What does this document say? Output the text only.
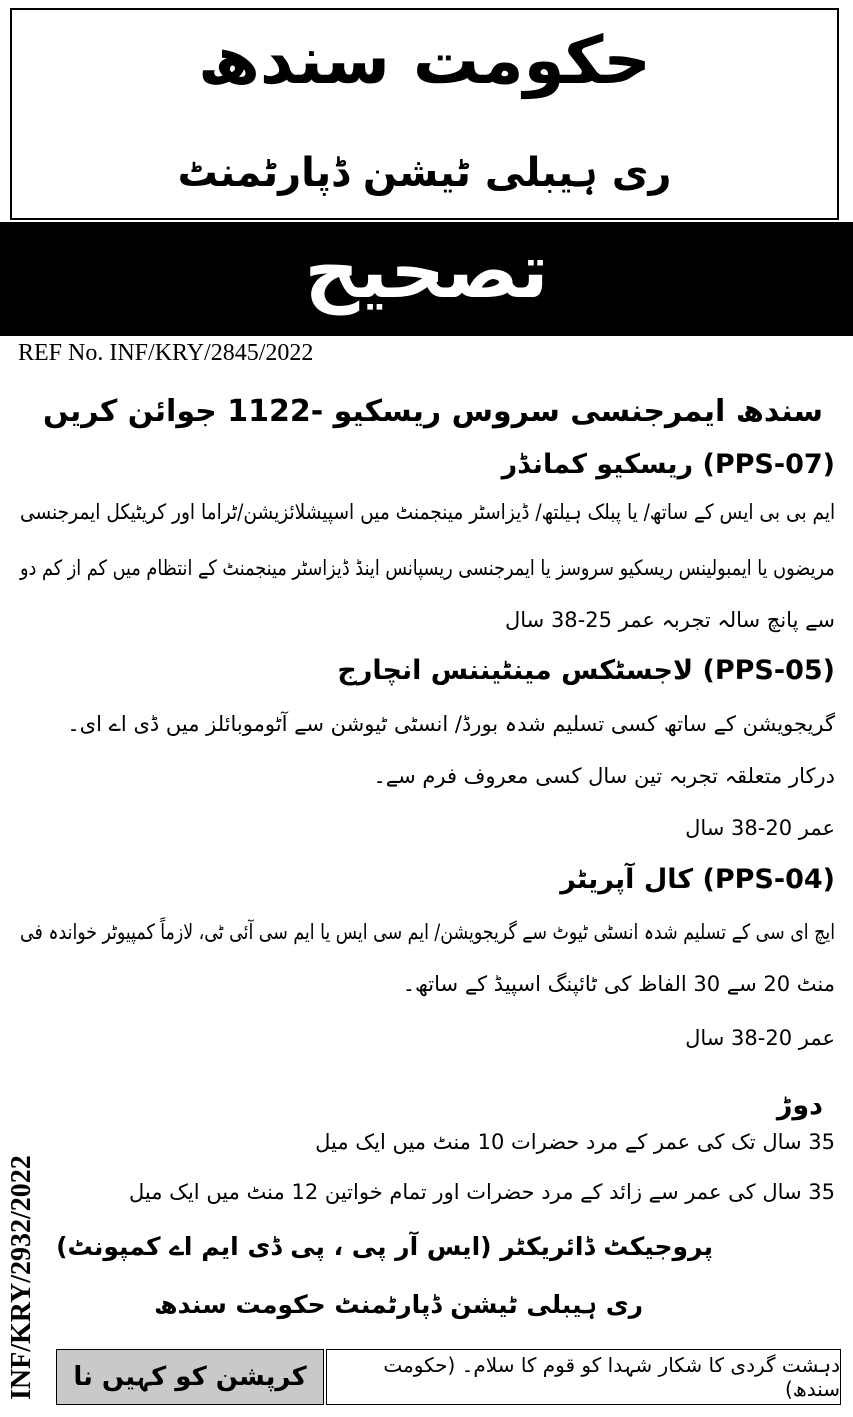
حکومت سندھ
ری ہیبلی ٹیشن ڈپارٹمنٹ
تصحیح
REF No. INF/KRY/2845/2022
سندھ ایمرجنسی سروس ریسکیو -1122 جوائن کریں
(PPS-07) ریسکیو کمانڈر
ایم بی بی ایس کے ساتھ/ یا پبلک ہیلتھ/ ڈیزاسٹر مینجمنٹ میں اسپیشلائزیشن/ٹراما اور کریٹیکل ایمرجنسی
مریضوں یا ایمبولینس ریسکیو سروسز یا ایمرجنسی ریسپانس اینڈ ڈیزاسٹر مینجمنٹ کے انتظام میں کم از کم دو
سے پانچ سالہ تجربہ عمر 25-38 سال
(PPS-05) لاجسٹکس مینٹیننس انچارج
گریجویشن کے ساتھ کسی تسلیم شدہ بورڈ/ انسٹی ٹیوشن سے آٹوموبائلز میں ڈی اے ای۔
درکار متعلقہ تجربہ تین سال کسی معروف فرم سے۔
عمر 20-38 سال
(PPS-04) کال آپریٹر
ایچ ای سی کے تسلیم شدہ انسٹی ٹیوٹ سے گریجویشن/ ایم سی ایس یا ایم سی آئی ٹی، لازماً کمپیوٹر خواندہ فی
منٹ 20 سے 30 الفاظ کی ٹائپنگ اسپیڈ کے ساتھ۔
عمر 20-38 سال
دوڑ
35 سال تک کی عمر کے مرد حضرات 10 منٹ میں ایک میل
35 سال کی عمر سے زائد کے مرد حضرات اور تمام خواتین 12 منٹ میں ایک میل
پروجیکٹ ڈائریکٹر (ایس آر پی ، پی ڈی ایم اے کمپونٹ)
ری ہیبلی ٹیشن ڈپارٹمنٹ حکومت سندھ
INF/KRY/2932/2022	کرپشن کو کہیں نا	دہشت گردی کا شکار شہدا کو قوم کا سلام۔ (حکومت سندھ)
